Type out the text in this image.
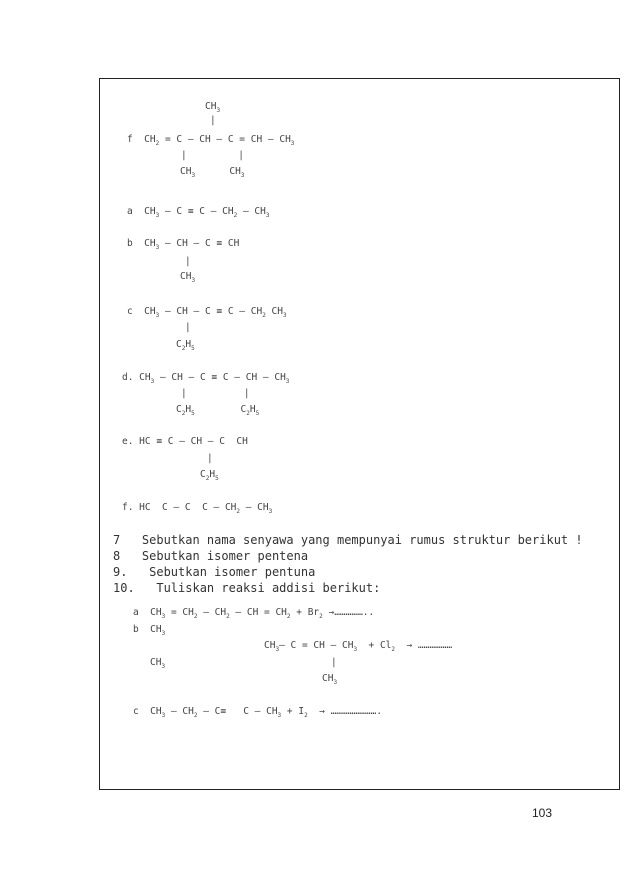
$CH_3$
|
f  $CH_2 = C$ – CH – C = CH – $CH_3$
|         |
$CH_3$      $CH_3$
a  $CH_3 - C \equiv C - CH_2 - CH_3$
b  $CH_3$ – CH – C ≡ CH
|
$CH_3$
c  $CH_3$ – CH – $C \equiv C - CH_2$ $CH_3$
|
$C_2H_5$
d. $CH_3$ – CH – C ≡ C – CH – $CH_3$
|          |
$C_2H_5$        $C_2H_5$
e. HC ≡ C – CH – C  CH
|
$C_2H_5$
f. HC  C – C  C – $CH_2 - CH_3$
7   Sebutkan nama senyawa yang mempunyai rumus struktur berikut !
8   Sebutkan isomer pentena
9.   Sebutkan isomer pentuna
10.   Tuliskan reaksi addisi berikut:
a  $CH_3 = CH_2 - CH_2$ – CH = $CH_2 + Br_2$ →……………..
b  $CH_3$
$CH_3-$ C = CH – $CH_3 + Cl_2$  → ………………
$CH_3$	|
$CH_3$
c  $CH_3 - CH_2 - C\equiv C - CH_3 + I_2$  → …………………….
103
